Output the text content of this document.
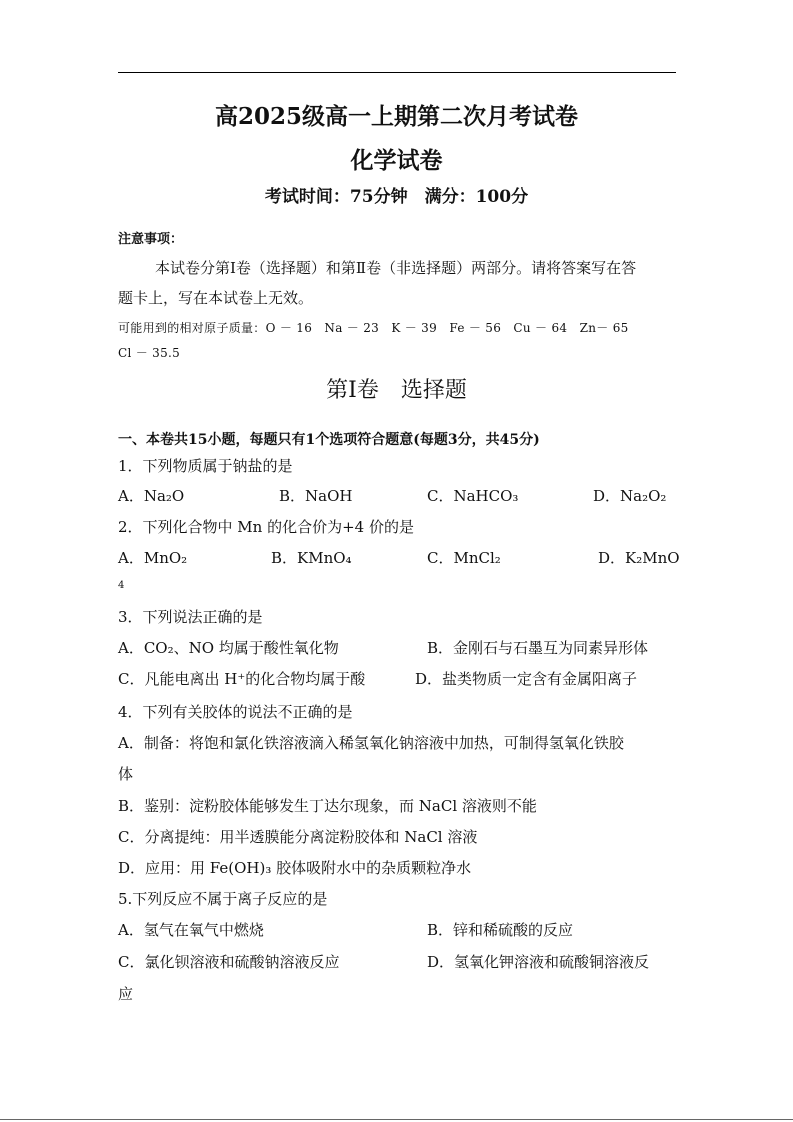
高2025级高一上期第二次月考试卷
化学试卷
考试时间：75分钟　满分：100分
注意事项：
本试卷分第Ⅰ卷（选择题）和第Ⅱ卷（非选择题）两部分。请将答案写在答
题卡上，写在本试卷上无效。
可能用到的相对原子质量：O － 16　Na － 23　K － 39　Fe － 56　Cu － 64　Zn－ 65
Cl － 35.5
第Ⅰ卷　选择题
一、本卷共15小题，每题只有1个选项符合题意(每题3分，共45分)
1．下列物质属于钠盐的是
A．Na₂O	B．NaOH	C．NaHCO₃	D．Na₂O₂
2．下列化合物中 Mn 的化合价为+4 价的是
A．MnO₂	B．KMnO₄	C．MnCl₂	D．K₂MnO
4
3．下列说法正确的是
A．CO₂、NO 均属于酸性氧化物	B．金刚石与石墨互为同素异形体
C．凡能电离出 H⁺的化合物均属于酸	D．盐类物质一定含有金属阳离子
4．下列有关胶体的说法不正确的是
A．制备：将饱和氯化铁溶液滴入稀氢氧化钠溶液中加热，可制得氢氧化铁胶
体
B．鉴别：淀粉胶体能够发生丁达尔现象，而 NaCl 溶液则不能
C．分离提纯：用半透膜能分离淀粉胶体和 NaCl 溶液
D．应用：用 Fe(OH)₃ 胶体吸附水中的杂质颗粒净水
5.下列反应不属于离子反应的是
A．氢气在氧气中燃烧	B．锌和稀硫酸的反应
C．氯化钡溶液和硫酸钠溶液反应	D．氢氧化钾溶液和硫酸铜溶液反
应
